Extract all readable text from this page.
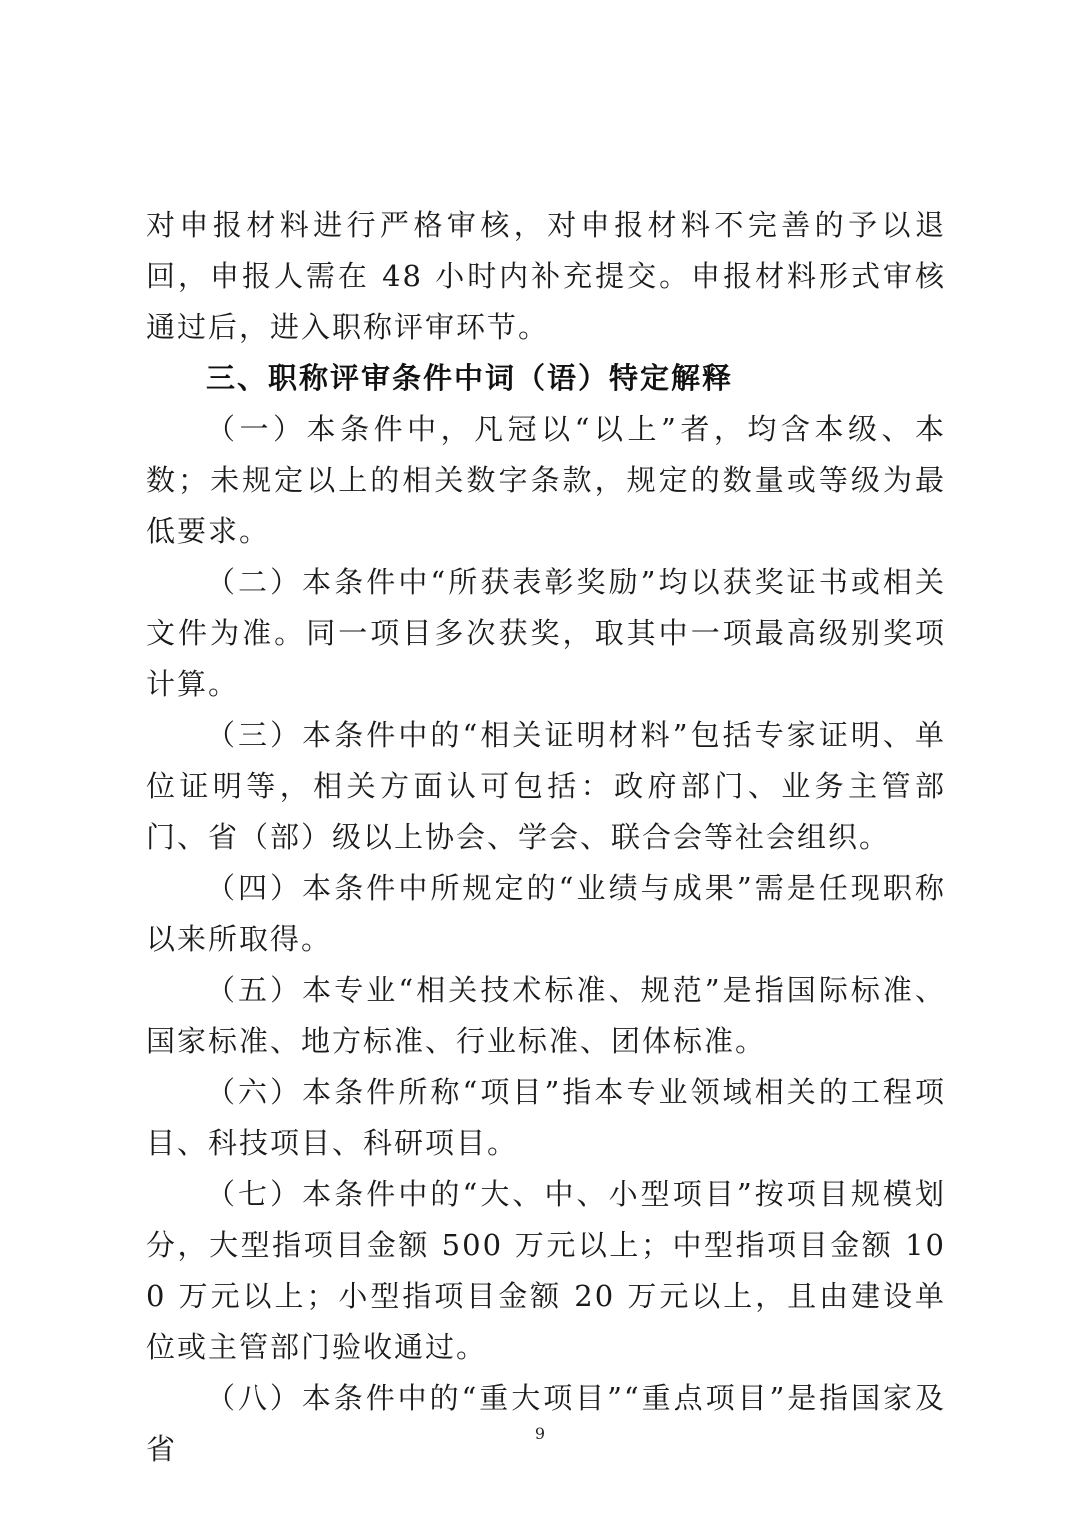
对申报材料进行严格审核，对申报材料不完善的予以退回，申报人需在 48 小时内补充提交。申报材料形式审核通过后，进入职称评审环节。

三、职称评审条件中词（语）特定解释

（一）本条件中，凡冠以“以上”者，均含本级、本数；未规定以上的相关数字条款，规定的数量或等级为最低要求。

（二）本条件中“所获表彰奖励”均以获奖证书或相关文件为准。同一项目多次获奖，取其中一项最高级别奖项计算。

（三）本条件中的“相关证明材料”包括专家证明、单位证明等，相关方面认可包括：政府部门、业务主管部门、省（部）级以上协会、学会、联合会等社会组织。

（四）本条件中所规定的“业绩与成果”需是任现职称以来所取得。

（五）本专业“相关技术标准、规范”是指国际标准、国家标准、地方标准、行业标准、团体标准。

（六）本条件所称“项目”指本专业领域相关的工程项目、科技项目、科研项目。

（七）本条件中的“大、中、小型项目”按项目规模划分，大型指项目金额 500 万元以上；中型指项目金额 100 万元以上；小型指项目金额 20 万元以上，且由建设单位或主管部门验收通过。

（八）本条件中的“重大项目”“重点项目”是指国家及省	9
